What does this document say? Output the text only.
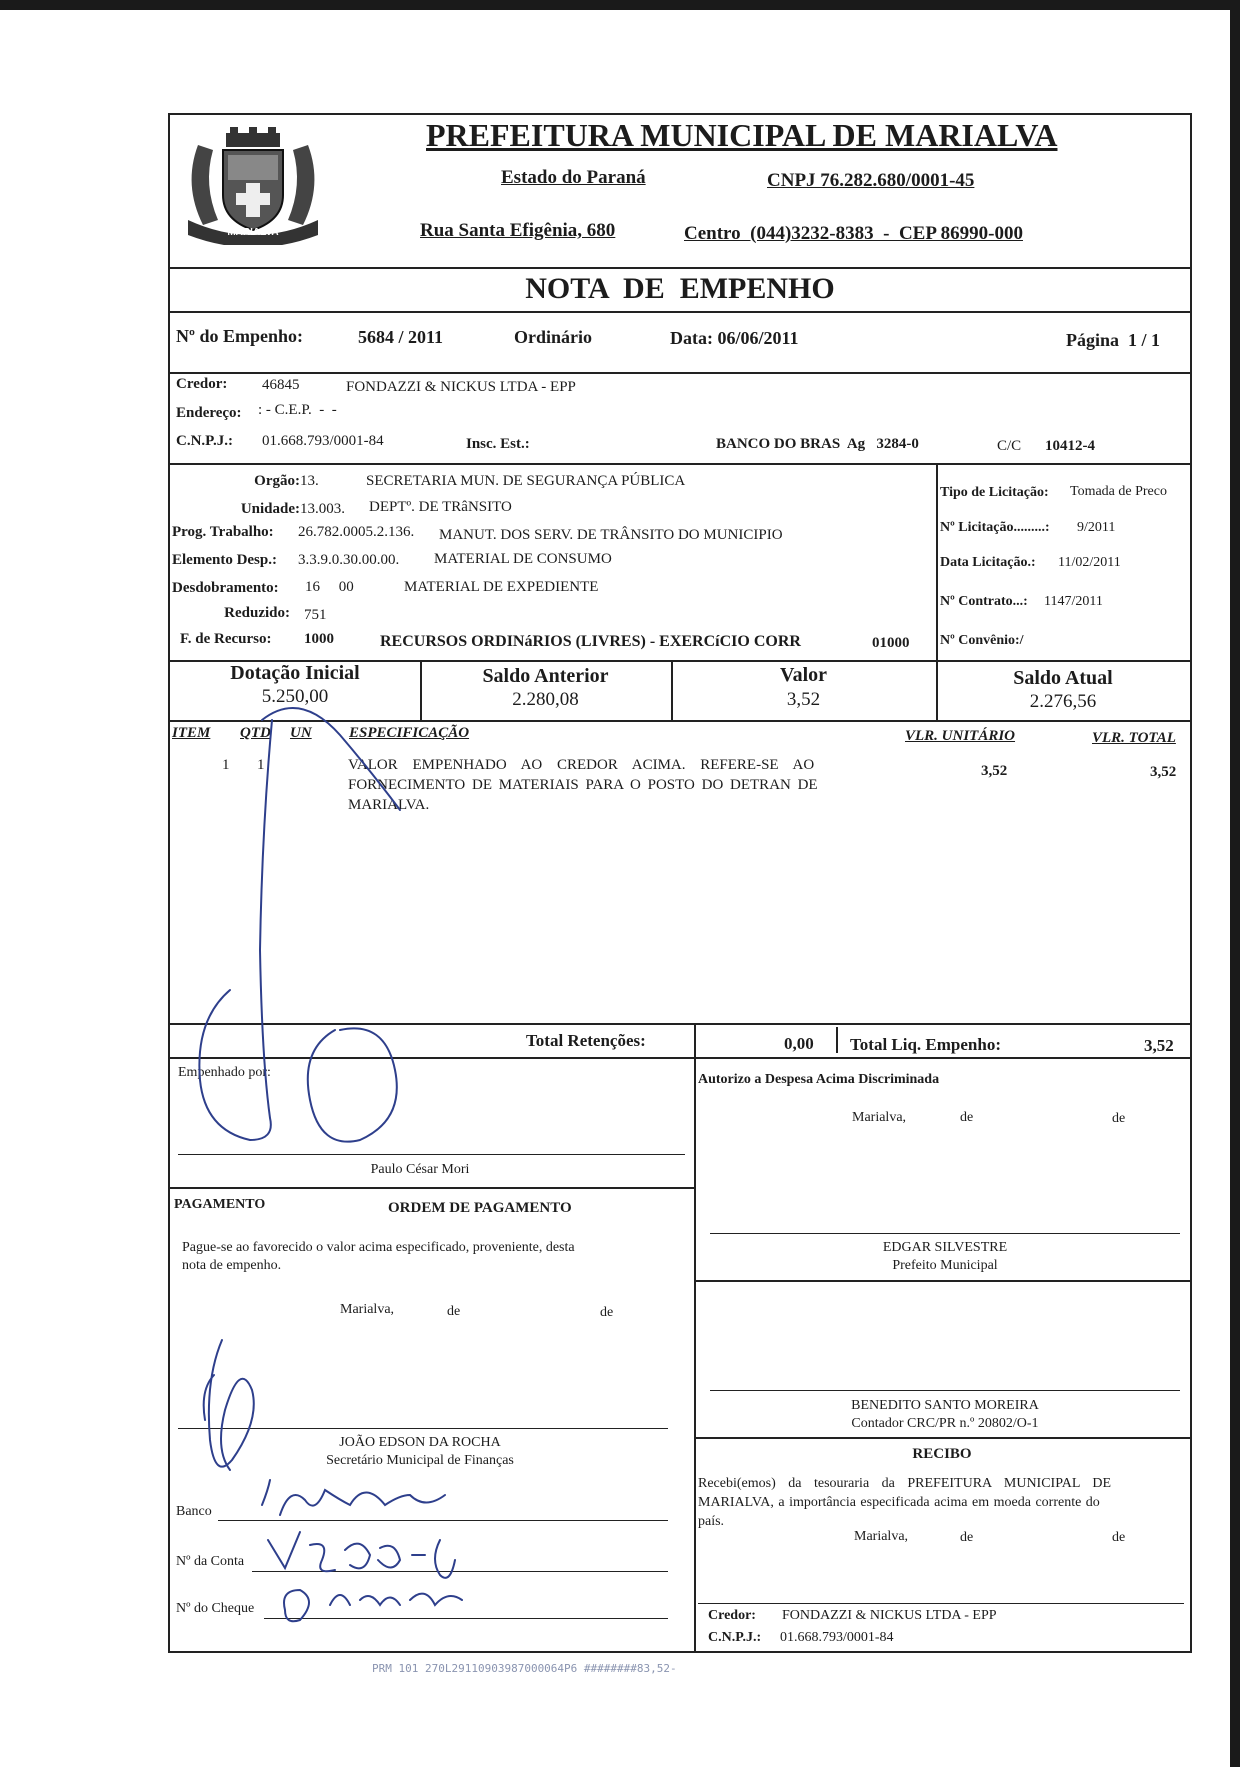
MARIALVA
PREFEITURA MUNICIPAL DE MARIALVA
Estado do Paraná	CNPJ 76.282.680/0001-45
Rua Santa Efigênia, 680	Centro  (044)3232-8383  -  CEP 86990-000
NOTA  DE  EMPENHO
Nº do Empenho:	5684 / 2011	Ordinário	Data: 06/06/2011	Página  1 / 1
Credor: 46845	FONDAZZI & NICKUS LTDA - EPP
Endereço: : - C.E.P.  -  -
C.N.P.J.: 01.668.793/0001-84	Insc. Est.:	BANCO DO BRAS  Ag   3284-0	C/C 10412-4
Orgão: 13.	SECRETARIA MUN. DE SEGURANÇA PÚBLICA
Unidade: 13.003. DEPTº. DE TRâNSITO
Prog. Trabalho: 26.782.0005.2.136. MANUT. DOS SERV. DE TRÂNSITO DO MUNICIPIO
Elemento Desp.: 3.3.9.0.30.00.00. MATERIAL DE CONSUMO
Desdobramento: 16     00	MATERIAL DE EXPEDIENTE
Reduzido: 751
F. de Recurso: 1000	RECURSOS ORDINáRIOS (LIVRES) - EXERCíCIO CORR	01000
Tipo de Licitação: Tomada de Preco
Nº Licitação.........: 9/2011
Data Licitação.: 11/02/2011
Nº Contrato...: 1147/2011
Nº Convênio:/
Dotação Inicial
5.250,00
Saldo Anterior
2.280,08
Valor
3,52
Saldo Atual
2.276,56
ITEM QTD UN ESPECIFICAÇÃO	VLR. UNITÁRIO	VLR. TOTAL
1 1	VALOR EMPENHADO AO CREDOR ACIMA. REFERE-SE AO
FORNECIMENTO DE MATERIAIS PARA O POSTO DO DETRAN DE
MARIALVA.
3,52	3,52
Total Retenções:	0,00 Total Liq. Empenho:	3,52
Empenhado por:
Paulo César Mori
PAGAMENTO	ORDEM DE PAGAMENTO
Pague-se ao favorecido o valor acima especificado, proveniente, desta
nota de empenho.
Marialva,	de	de
JOÃO EDSON DA ROCHA
Secretário Municipal de Finanças
Banco
Nº da Conta
Nº do Cheque
Autorizo a Despesa Acima Discriminada
Marialva,	de	de
EDGAR SILVESTRE
Prefeito Municipal
BENEDITO SANTO MOREIRA
Contador CRC/PR n.º 20802/O-1
RECIBO
Recebi(emos) da tesouraria da PREFEITURA MUNICIPAL DE
MARIALVA, a importância especificada acima em moeda corrente do
país.
Marialva,	de	de
Credor: FONDAZZI & NICKUS LTDA - EPP
C.N.P.J.: 01.668.793/0001-84
PRM 101 270L29110903987000064P6 ########83,52-
